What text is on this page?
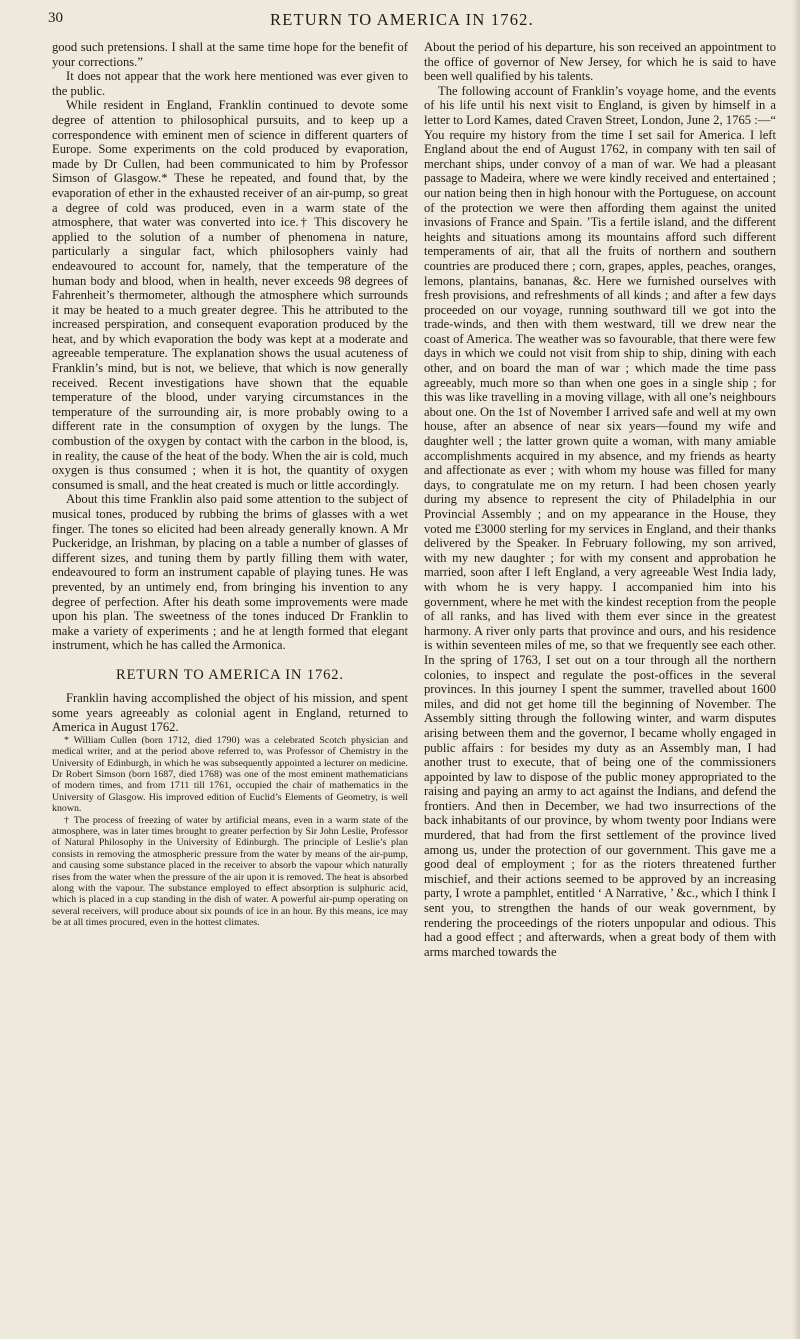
30	RETURN TO AMERICA IN 1762.

good such pretensions. I shall at the same time hope for the benefit of your corrections.”

It does not appear that the work here mentioned was ever given to the public.

While resident in England, Franklin continued to devote some degree of attention to philosophical pursuits, and to keep up a correspondence with eminent men of science in different quarters of Europe. Some experiments on the cold produced by evaporation, made by Dr Cullen, had been communicated to him by Professor Simson of Glasgow.* These he repeated, and found that, by the evaporation of ether in the exhausted receiver of an air-pump, so great a degree of cold was produced, even in a warm state of the atmosphere, that water was converted into ice.† This discovery he applied to the solution of a number of phenomena in nature, particularly a singular fact, which philosophers vainly had endeavoured to account for, namely, that the temperature of the human body and blood, when in health, never exceeds 98 degrees of Fahrenheit’s thermometer, although the atmosphere which surrounds it may be heated to a much greater degree. This he attributed to the increased perspiration, and consequent evaporation produced by the heat, and by which evaporation the body was kept at a moderate and agreeable temperature. The explanation shows the usual acuteness of Franklin’s mind, but is not, we believe, that which is now generally received. Recent investigations have shown that the equable temperature of the blood, under varying circumstances in the temperature of the surrounding air, is more probably owing to a different rate in the consumption of oxygen by the lungs. The combustion of the oxygen by contact with the carbon in the blood, is, in reality, the cause of the heat of the body. When the air is cold, much oxygen is thus consumed ; when it is hot, the quantity of oxygen consumed is small, and the heat created is much or little accordingly.

About this time Franklin also paid some attention to the subject of musical tones, produced by rubbing the brims of glasses with a wet finger. The tones so elicited had been already generally known. A Mr Puckeridge, an Irishman, by placing on a table a number of glasses of different sizes, and tuning them by partly filling them with water, endeavoured to form an instrument capable of playing tunes. He was prevented, by an untimely end, from bringing his invention to any degree of perfection. After his death some improvements were made upon his plan. The sweetness of the tones induced Dr Franklin to make a variety of experiments ; and he at length formed that elegant instrument, which he has called the Armonica.

RETURN TO AMERICA IN 1762.

Franklin having accomplished the object of his mission, and spent some years agreeably as colonial agent in England, returned to America in August 1762.

* William Cullen (born 1712, died 1790) was a celebrated Scotch physician and medical writer, and at the period above referred to, was Professor of Chemistry in the University of Edinburgh, in which he was subsequently appointed a lecturer on medicine. Dr Robert Simson (born 1687, died 1768) was one of the most eminent mathematicians of modern times, and from 1711 till 1761, occupied the chair of mathematics in the University of Glasgow. His improved edition of Euclid’s Elements of Geometry, is well known.

† The process of freezing of water by artificial means, even in a warm state of the atmosphere, was in later times brought to greater perfection by Sir John Leslie, Professor of Natural Philosophy in the University of Edinburgh. The principle of Leslie’s plan consists in removing the atmospheric pressure from the water by means of the air-pump, and causing some substance placed in the receiver to absorb the vapour which naturally rises from the water when the pressure of the air upon it is removed. The heat is absorbed along with the vapour. The substance employed to effect absorption is sulphuric acid, which is placed in a cup standing in the dish of water. A powerful air-pump operating on several receivers, will produce about six pounds of ice in an hour. By this means, ice may be at all times procured, even in the hottest climates.

About the period of his departure, his son received an appointment to the office of governor of New Jersey, for which he is said to have been well qualified by his talents.

The following account of Franklin’s voyage home, and the events of his life until his next visit to England, is given by himself in a letter to Lord Kames, dated Craven Street, London, June 2, 1765 :—“ You require my history from the time I set sail for America. I left England about the end of August 1762, in company with ten sail of merchant ships, under convoy of a man of war. We had a pleasant passage to Madeira, where we were kindly received and entertained ; our nation being then in high honour with the Portuguese, on account of the protection we were then affording them against the united invasions of France and Spain. ’Tis a fertile island, and the different heights and situations among its mountains afford such different temperaments of air, that all the fruits of northern and southern countries are produced there ; corn, grapes, apples, peaches, oranges, lemons, plantains, bananas, &c. Here we furnished ourselves with fresh provisions, and refreshments of all kinds ; and after a few days proceeded on our voyage, running southward till we got into the trade-winds, and then with them westward, till we drew near the coast of America. The weather was so favourable, that there were few days in which we could not visit from ship to ship, dining with each other, and on board the man of war ; which made the time pass agreeably, much more so than when one goes in a single ship ; for this was like travelling in a moving village, with all one’s neighbours about one. On the 1st of November I arrived safe and well at my own house, after an absence of near six years—found my wife and daughter well ; the latter grown quite a woman, with many amiable accomplishments acquired in my absence, and my friends as hearty and affectionate as ever ; with whom my house was filled for many days, to congratulate me on my return. I had been chosen yearly during my absence to represent the city of Philadelphia in our Provincial Assembly ; and on my appearance in the House, they voted me £3000 sterling for my services in England, and their thanks delivered by the Speaker. In February following, my son arrived, with my new daughter ; for with my consent and approbation he married, soon after I left England, a very agreeable West India lady, with whom he is very happy. I accompanied him into his government, where he met with the kindest reception from the people of all ranks, and has lived with them ever since in the greatest harmony. A river only parts that province and ours, and his residence is within seventeen miles of me, so that we frequently see each other. In the spring of 1763, I set out on a tour through all the northern colonies, to inspect and regulate the post-offices in the several provinces. In this journey I spent the summer, travelled about 1600 miles, and did not get home till the beginning of November. The Assembly sitting through the following winter, and warm disputes arising between them and the governor, I became wholly engaged in public affairs : for besides my duty as an Assembly man, I had another trust to execute, that of being one of the commissioners appointed by law to dispose of the public money appropriated to the raising and paying an army to act against the Indians, and defend the frontiers. And then in December, we had two insurrections of the back inhabitants of our province, by whom twenty poor Indians were murdered, that had from the first settlement of the province lived among us, under the protection of our government. This gave me a good deal of employment ; for as the rioters threatened further mischief, and their actions seemed to be approved by an increasing party, I wrote a pamphlet, entitled ‘ A Narrative, ’ &c., which I think I sent you, to strengthen the hands of our weak government, by rendering the proceedings of the rioters unpopular and odious. This had a good effect ; and afterwards, when a great body of them with arms marched towards the
